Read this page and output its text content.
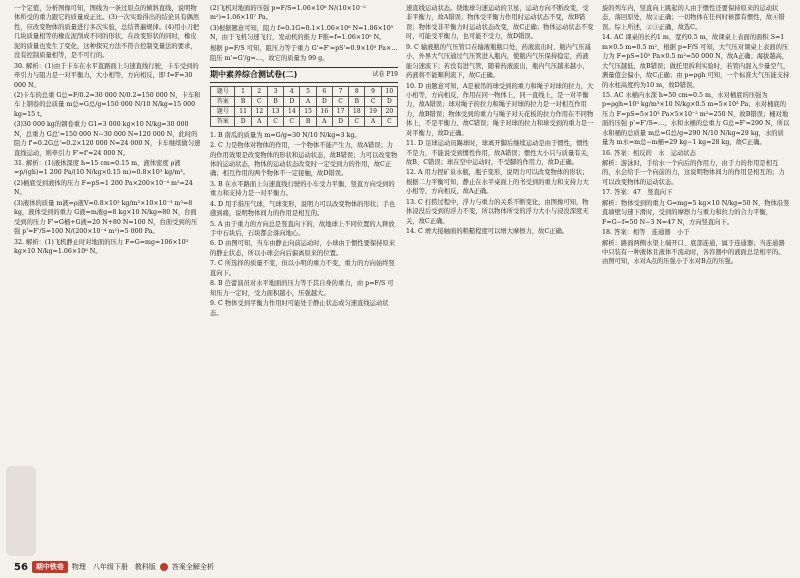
一个定值，分析图像可知，图线为一条过原点的倾斜直线，说明物体所受的重力跟它的质量成正比。(3)一次实验得出的结论具有偶然性，应改变物体的质量进行多次实验，总结普遍规律。(4)用小刀把几块质量相等的橡皮泥削成不同的形状，在改变形状的同时，橡皮泥的质量也发生了变化，这种探究方法不符合控制变量法的要求，没有控制质量相等，是不可行的。

30. 解析：(1)由于卡车在水平直路面上匀速直线行驶，卡车受到的牵引力与阻力是一对平衡力，大小相等，方向相反，即 f=F=30 000 N。

(2)卡车的总重 G总=F/0.2=30 000 N/0.2=150 000 N，卡车和车上钢卷的总质量 m总=G总/g=150 000 N/10 N/kg=15 000 kg=15 t。

(3)30 000 kg的钢卷重力 G1=3 000 kg×10 N/kg=30 000 N，总重力 G总'=150 000 N−30 000 N=120 000 N，此时的阻力 f'=0.2G总'=0.2×120 000 N=24 000 N，卡车继续做匀速直线运动，则牵引力 F'=f'=24 000 N。

31. 解析：(1)液体深度 h=15 cm=0.15 m，液体密度 ρ液=p/(gh)=1 200 Pa/(10 N/kg×0.15 m)=0.8×10³ kg/m³。

(2)桶底受到液体的压力 F=pS=1 200 Pa×200×10⁻⁴ m²=24 N。

(3)液体的质量 m液=ρ液V=0.8×10³ kg/m³×10×10⁻³ m³=8 kg，液体受到的重力 G液=m液g=8 kg×10 N/kg=80 N，台面受到的压力 F'=G桶+G液=20 N+80 N=100 N，台面受到的压强 p'=F'/S=100 N/(200×10⁻⁴ m²)=5 000 Pa。

32. 解析：(1)飞机静止时对地面的压力 F=G=mg=106×10³ kg×10 N/kg=1.06×10⁶ N。

(2)飞机对地面的压强 p=F/S=1.06×10⁶ N/(10×10⁻² m²)=1.06×10⁷ Pa。

(3)根据题意可知，阻力 f=0.1G=0.1×1.06×10⁶ N=1.06×10⁵ N，由于飞机匀速飞行，发动机的推力 F推=f=1.06×10⁵ N。

根据 p=F/S 可知，阻压力等于重力 G'=F'=pS'=0.9×10⁵ Pa×…

阻压 m'=G'/g=…，故它的质量为 99 g。

期中素养综合测试卷(二)	试卷 P19
题号	1	2	3	4	5	6	7	8	9	10
答案	B	C	B	D	A	D	C	B	C	D
题号	11	12	13	14	15	16	17	18	19	20
答案	D	A	C	C	B	A	D	C	A	C

1. B 南瓜的质量为 m=G/g=30 N/10 N/kg=3 kg。

2. C 力是物体对物体的作用，一个物体不能产生力，故A错误；力的作用效果是改变物体的形状和运动状态，故B错误；力可以改变物体的运动状态，物体的运动状态改变时一定受到力的作用，故C正确；相互作用的两个物体不一定接触，故D错误。

3. B 在水平路面上匀速直线行驶的小车受力平衡，竖直方向受到的重力和支持力是一对平衡力。

4. D 用手指压气球，气球变形，说明力可以改变物体的形状；手也感到痛，说明物体间力的作用是相互的。

5. A 由于重力的方向总是竖直向下的，故地球上不同位置的人释放手中石块后，石块都会落向地心。

6. D 由图可知，当车由静止向前运动时，小球由于惯性要保持原来的静止状态，所以小球会向后偏离原来的位置。

7. C 所选择的质量不变，但以小明的重力不变，重力的方向始终竖直向下。

8. B 芭蕾演员对水平地面的压力等于其自身的重力，由 p=F/S 可知压力一定时，受力面积越小，压强越大。

9. C 物体受到平衡力作用时可能处于静止状态或匀速直线运动状态。

速直线运动状态。绕地球匀速运动的卫星，运动方向不断改变，受非平衡力，故A错误；物体受平衡力作用时运动状态不变，故B错误；物体受非平衡力时运动状态改变，故C正确；物体运动状态不变时，可能受平衡力，也可能不受力，故D错误。

9. C 输液瓶的气压管口在输液瓶瓶口处，药液流出时，瓶内气压减小，外界大气压通过气压管进入瓶内，使瓶内气压保持稳定，药液能匀速流下；若没有进气管，随着药液流出，瓶内气压越来越小，药液将不能顺利流下，故C正确。

10. D 由题意可知，A是被吊的球受到的重力和绳子对球的拉力，大小相等，方向相反，作用在同一物体上，同一直线上，是一对平衡力，故A错误；球对绳子的拉力和绳子对球的拉力是一对相互作用力，故B错误；物体受到的重力与绳子对天花板的拉力作用在不同物体上，不是平衡力，故C错误；绳子对球的拉力和球受到的重力是一对平衡力，故D正确。

11. D 足球运动员踢球时，球离开脚后继续运动是由于惯性，惯性不是力，不能说受到惯性作用，故A错误；惯性大小只与质量有关，故B、C错误；球在空中运动时，不受脚的作用力，故D正确。

12. A 用力捏矿泉水瓶，瓶子变形，说明力可以改变物体的形状；根据二力平衡可知，静止在水平桌面上的书受到的重力和支持力大小相等，方向相反，故A正确。

13. C 打捞过程中，浮力与重力的关系不断变化，由图像可知，物体浸没后受到的浮力不变，所以物体所受的浮力大小与浸没深度无关，故C正确。

14. C 增大接触面的粗糙程度可以增大摩擦力，故C正确。

旋的列车内，竖直向上跳起的人由于惯性还要保持原来的运动状态，落回原处，故②正确；一切物体在任何时候都有惯性，故④错误。综上所述，②③正确，故选C。

14. AC 课桌的长约1 m，宽约0.5 m，故课桌上表面的面积 S=1 m×0.5 m=0.5 m²，根据 p=F/S 可知，大气压对课桌上表面的压力为 F=pS=10⁵ Pa×0.5 m²=50 000 N，故A正确；海拔越高，大气压越低，故B错误；做托里拆利实验时，若管内混入少量空气，测量值会偏小，故C正确；由 p=ρgh 可知，一个标准大气压能支持的水柱高度约为10 m，故D错误。

15. AC 水桶内水深 h=50 cm=0.5 m，水对桶底的压强为 p=ρgh=10³ kg/m³×10 N/kg×0.5 m=5×10³ Pa；水对桶底的压力 F=pS=5×10³ Pa×5×10⁻² m²=250 N，故B错误；桶对地面的压强 p'=F'/S=…，水和水桶的总重力 G总=F'=290 N，所以水和桶的总质量 m总=G总/g=290 N/10 N/kg=29 kg，水的质量为 m水=m总−m桶=29 kg−1 kg=28 kg，故C正确。

16. 答案：相反的　水　运动状态

解析：游泳时，手给水一个向后的作用力，由于力的作用是相互的，水会给手一个向前的力，这说明物体间力的作用是相互的；力可以改变物体的运动状态。

17. 答案：47　竖直向下

解析：物体受到的重力 G=mg=5 kg×10 N/kg=50 N，物体沿竖直墙壁匀速下滑时，受到的摩擦力与重力和拉力的合力平衡，F=G−f=50 N−3 N=47 N，方向竖直向下。

18. 答案：相等　连通器　小于

解析：路面两侧水渠上端开口、底部连通，属于连通器；当连通器中只装有一种液体且液体不流动时，各容器中的液面总是相平的。由图可知，水对A点的压强小于水对B点的压强。

56	期中铁卷	物理　八年级下册　教科版 答案全解全析
